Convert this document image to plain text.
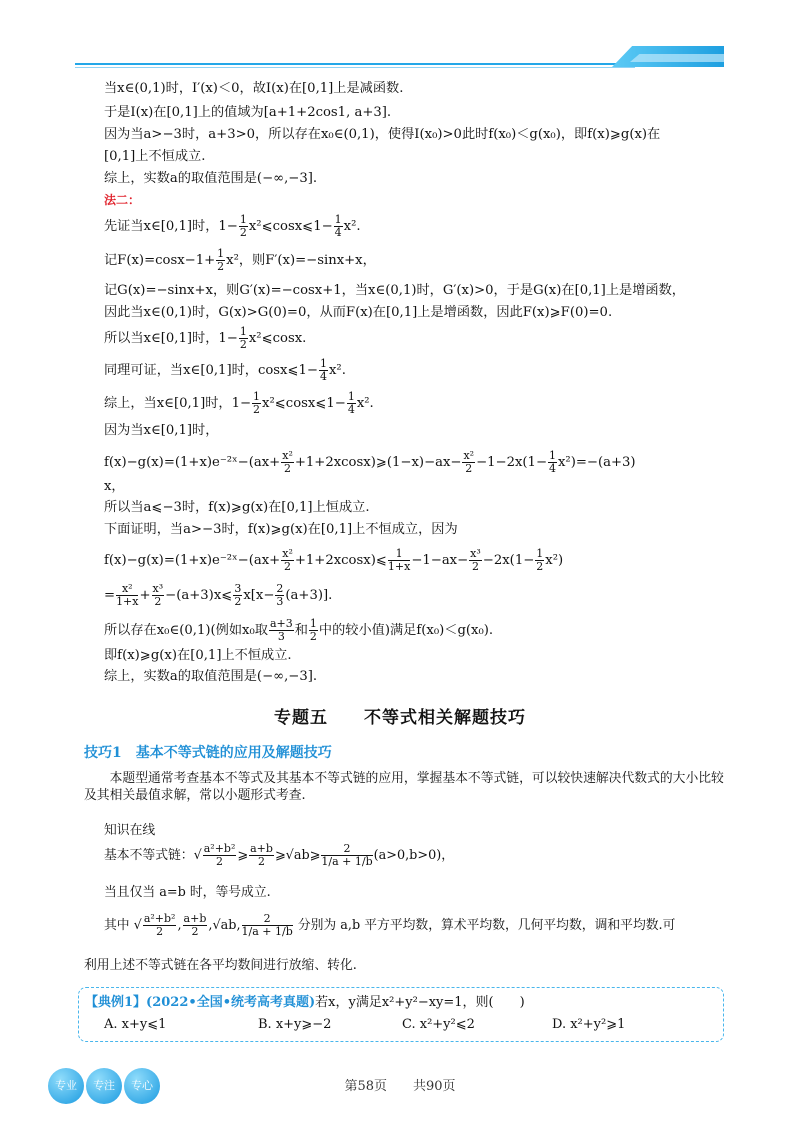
当x∈(0,1)时，I′(x)＜0，故I(x)在[0,1]上是减函数.
于是I(x)在[0,1]上的值域为[a+1+2cos1, a+3].
因为当a>−3时，a+3>0，所以存在x₀∈(0,1)，使得I(x₀)>0此时f(x₀)＜g(x₀)，即f(x)⩾g(x)在
[0,1]上不恒成立.
综上，实数a的取值范围是(−∞,−3].
法二：
先证当x∈[0,1]时，$1- \frac{1}{2}$ x²⩽cosx⩽1− $\frac{1}{4} x^2$.
记$F(x)=\cos x-1+ \frac{1}{2} x^2$，则F′(x)=−sinx+x，
记G(x)=−sinx+x，则G′(x)=−cosx+1，当x∈(0,1)时，G′(x)>0，于是G(x)在[0,1]上是增函数，
因此当x∈(0,1)时，G(x)>G(0)=0，从而F(x)在[0,1]上是增函数，因此F(x)⩾F(0)=0.
所以当x∈[0,1]时，$1- \frac{1}{2}$ x²⩽cosx.
同理可证，当x∈[0,1]时，cosx⩽1− $\frac{1}{4} x^2$.
综上，当x∈[0,1]时，$1- \frac{1}{2}$ x²⩽cosx⩽1− $\frac{1}{4} x^2$.
因为当x∈[0,1]时，
f(x)−g(x)=(1+x)e⁻²ˣ−(ax+ $\frac{\text{x²}}{2}$ +1+2xcosx)⩾(1−x)−ax− $\frac{\text{x²}}{2} -1-2x(1- \frac{1}{4} x^2)=-(a+3)$
x，
所以当a⩽−3时，f(x)⩾g(x)在[0,1]上恒成立.
下面证明，当a>−3时，f(x)⩾g(x)在[0,1]上不恒成立，因为
f(x)−g(x)=(1+x)e⁻²ˣ−(ax+ $\frac{\text{x²}}{2}$ +1+2xcosx)⩽ $\frac{1}{1+x} -1-ax- \frac{\text{x³}}{2} -2x(1- \frac{1}{2} x^2)$
= $\frac{\text{x²}}{1+x} + \frac{\text{x³}}{2}$ −(a+3)x⩽ $\frac{3}{2} x[x- \frac{2}{3} (a+3)]$.
所以存在x₀∈(0,1)(例如x₀取 $\frac{a+3}{3}$ 和 $\frac{1}{2}$ 中的较小值)满足f(x₀)＜g(x₀).
即f(x)⩾g(x)在[0,1]上不恒成立.
综上，实数a的取值范围是(−∞,−3].
专题五 不等式相关解题技巧
技巧1　基本不等式链的应用及解题技巧
本题型通常考查基本不等式及其基本不等式链的应用，掌握基本不等式链，可以较快速解决代数式的大小比较及其相关最值求解，常以小题形式考查.
知识在线
基本不等式链：√ $\frac{\text{a²+b²}}{2}$ ⩾ $\frac{a+b}{2}$ ⩾√ab⩾ $\frac{2}{1/a + 1/b} (a>0,b>0)$，
当且仅当 a=b 时，等号成立.
其中 √ $\frac{\text{a²+b²}}{2}$ , $\frac{a+b}{2} ,√ab$, $\frac{2}{1/a + 1/b}$ 分别为 a,b 平方平均数，算术平均数，几何平均数，调和平均数.可
利用上述不等式链在各平均数间进行放缩、转化.
【典例1】(2022•全国•统考高考真题)若x，y满足x²+y²−xy=1，则(　　)
A. x+y⩽1	B. x+y⩾−2	C. x²+y²⩽2	D. x²+y²⩾1
专业	专注	专心	第58页　　 共90页
